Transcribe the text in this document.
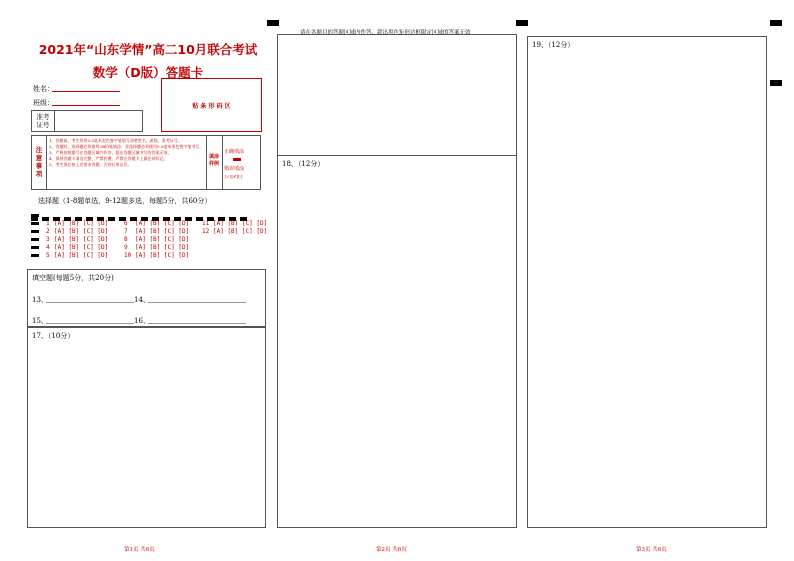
请在各题目的答题区域内作答，超出黑色矩形边框限定区域的答案无效
2021年“山东学情”高二10月联合考试
数学（D版）答题卡
姓名：
班级：
准考证号
贴 条 形 码 区
注意事项
1、答题前，考生须用0.5毫米黑色签字笔填写清楚姓名、班级、准考证号，
2、答题时，选择题必须使用2B铅笔填涂；非选择题必须使用0.5毫米黑色签字笔书写，
3、严格按照题号在答题区域内作答，超出答题区域书写的答案无效，
4、保持答题卡清洁完整，严禁折叠，严禁在答题卡上做任何标记。
5、考生务必按上述要求答题，否则后果自负。
填涂样例
正确填涂
错误填涂
[✓][✗][-]
选择题（1-8题单选，9-12题多选，每题5分，共60分）
1 [A] [B] [C] [D]
2 [A] [B] [C] [D]
3 [A] [B] [C] [D]
4 [A] [B] [C] [D]
5 [A] [B] [C] [D]
6 [A] [B] [C] [D]
7 [A] [B] [C] [D]
8 [A] [B] [C] [D]
9 [A] [B] [C] [D]
10 [A] [B] [C] [D]
11 [A] [B] [C] [D]
12 [A] [B] [C] [D]
填空题(每题5分，共20分)
13、	14、
15、	16、
17、（10分）
18、（12分）
19、（12分）
第1页 共6页	第2页 共6页	第3页 共6页
